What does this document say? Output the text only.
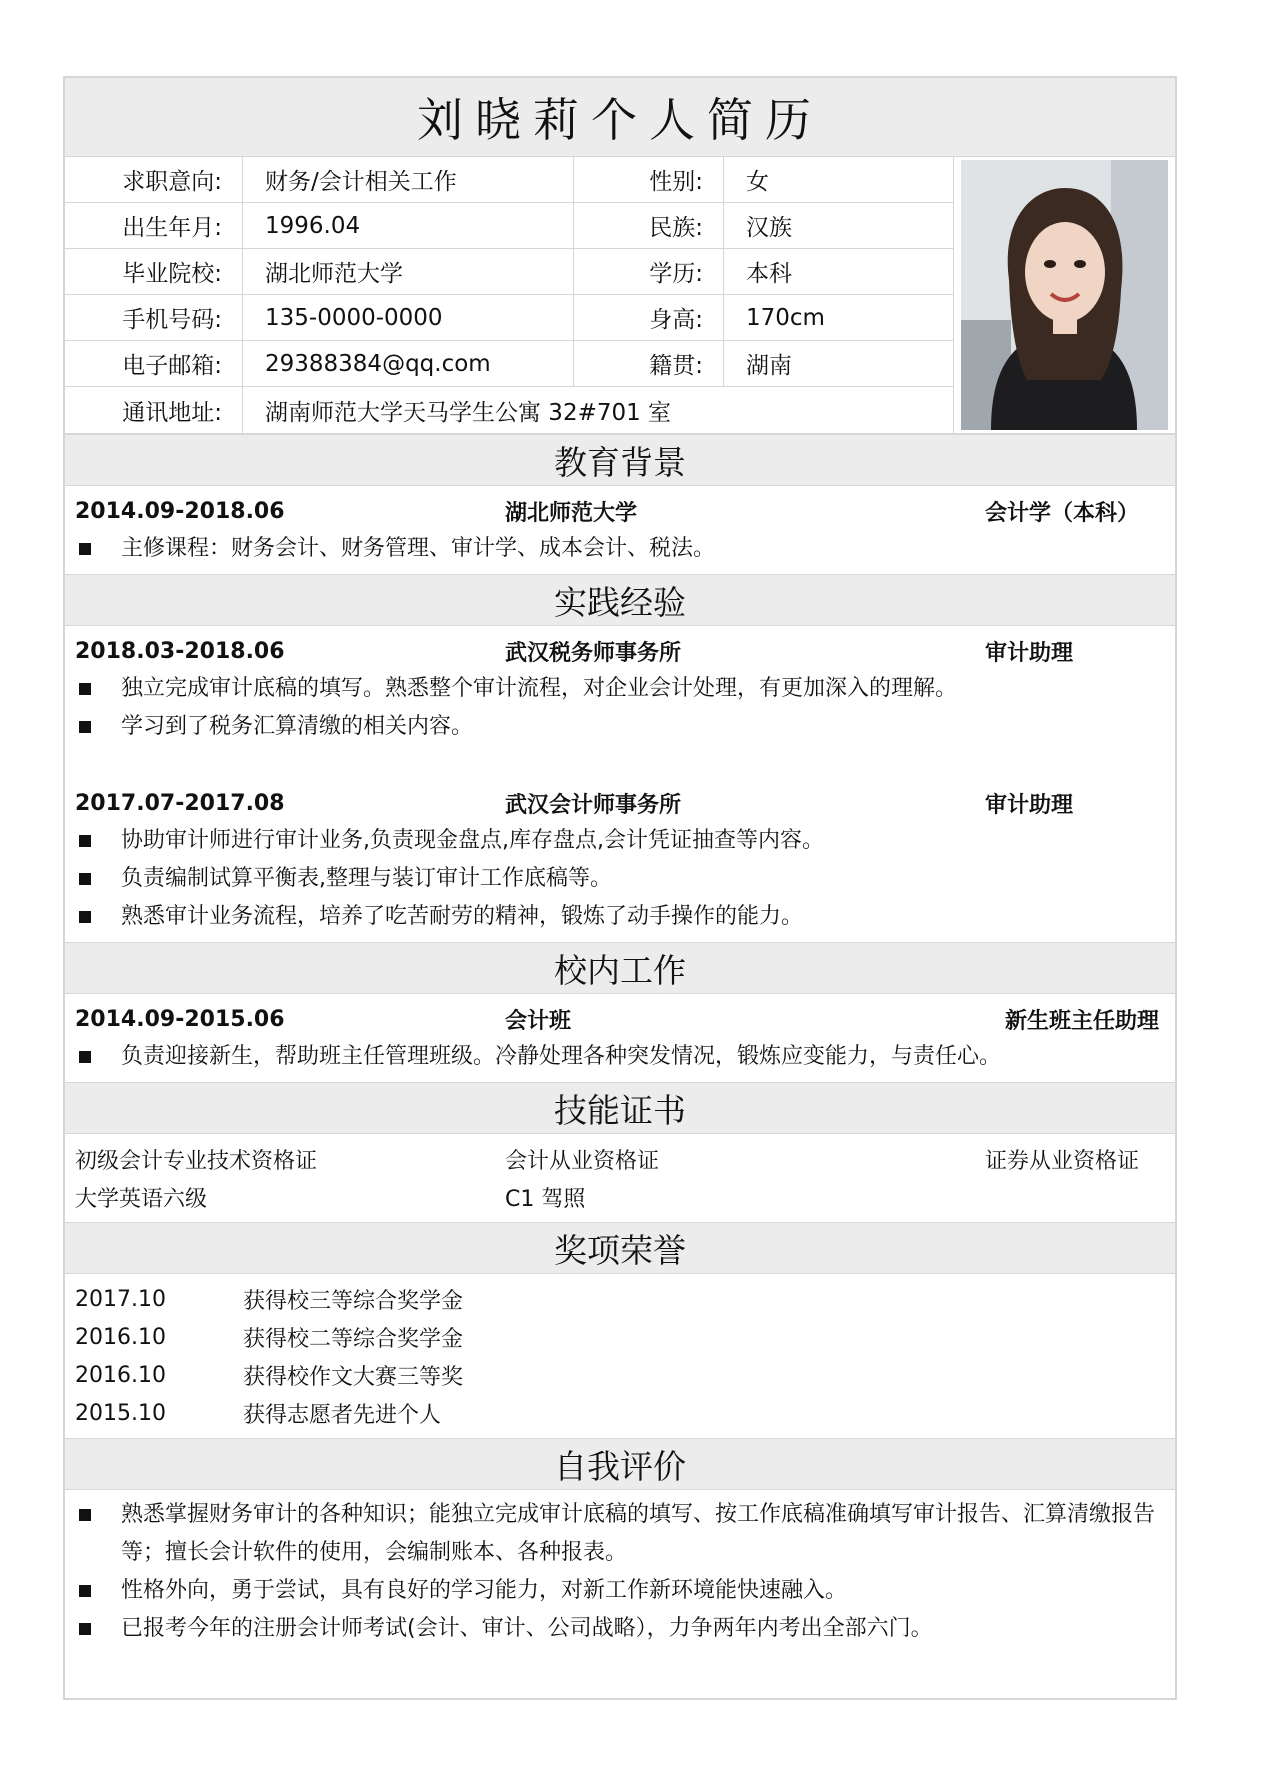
刘晓莉个人简历
求职意向:	财务/会计相关工作	性别:	女
出生年月:	1996.04	民族:	汉族
毕业院校:	湖北师范大学	学历:	本科
手机号码:	135-0000-0000	身高:	170cm
电子邮箱:	29388384@qq.com	籍贯:	湖南
通讯地址:	湖南师范大学天马学生公寓 32#701 室
教育背景
2014.09-2018.06	湖北师范大学	会计学（本科）
主修课程：财务会计、财务管理、审计学、成本会计、税法。
实践经验
2018.03-2018.06	武汉税务师事务所	审计助理
独立完成审计底稿的填写。熟悉整个审计流程，对企业会计处理，有更加深入的理解。
学习到了税务汇算清缴的相关内容。
2017.07-2017.08	武汉会计师事务所	审计助理
协助审计师进行审计业务,负责现金盘点,库存盘点,会计凭证抽查等内容。
负责编制试算平衡表,整理与装订审计工作底稿等。
熟悉审计业务流程，培养了吃苦耐劳的精神，锻炼了动手操作的能力。
校内工作
2014.09-2015.06	会计班	新生班主任助理
负责迎接新生，帮助班主任管理班级。冷静处理各种突发情况，锻炼应变能力，与责任心。
技能证书
初级会计专业技术资格证	会计从业资格证	证券从业资格证
大学英语六级	C1 驾照
奖项荣誉
2017.10	获得校三等综合奖学金
2016.10	获得校二等综合奖学金
2016.10	获得校作文大赛三等奖
2015.10	获得志愿者先进个人
自我评价
熟悉掌握财务审计的各种知识；能独立完成审计底稿的填写、按工作底稿准确填写审计报告、汇算清缴报告等；擅长会计软件的使用，会编制账本、各种报表。
性格外向，勇于尝试，具有良好的学习能力，对新工作新环境能快速融入。
已报考今年的注册会计师考试(会计、审计、公司战略），力争两年内考出全部六门。
